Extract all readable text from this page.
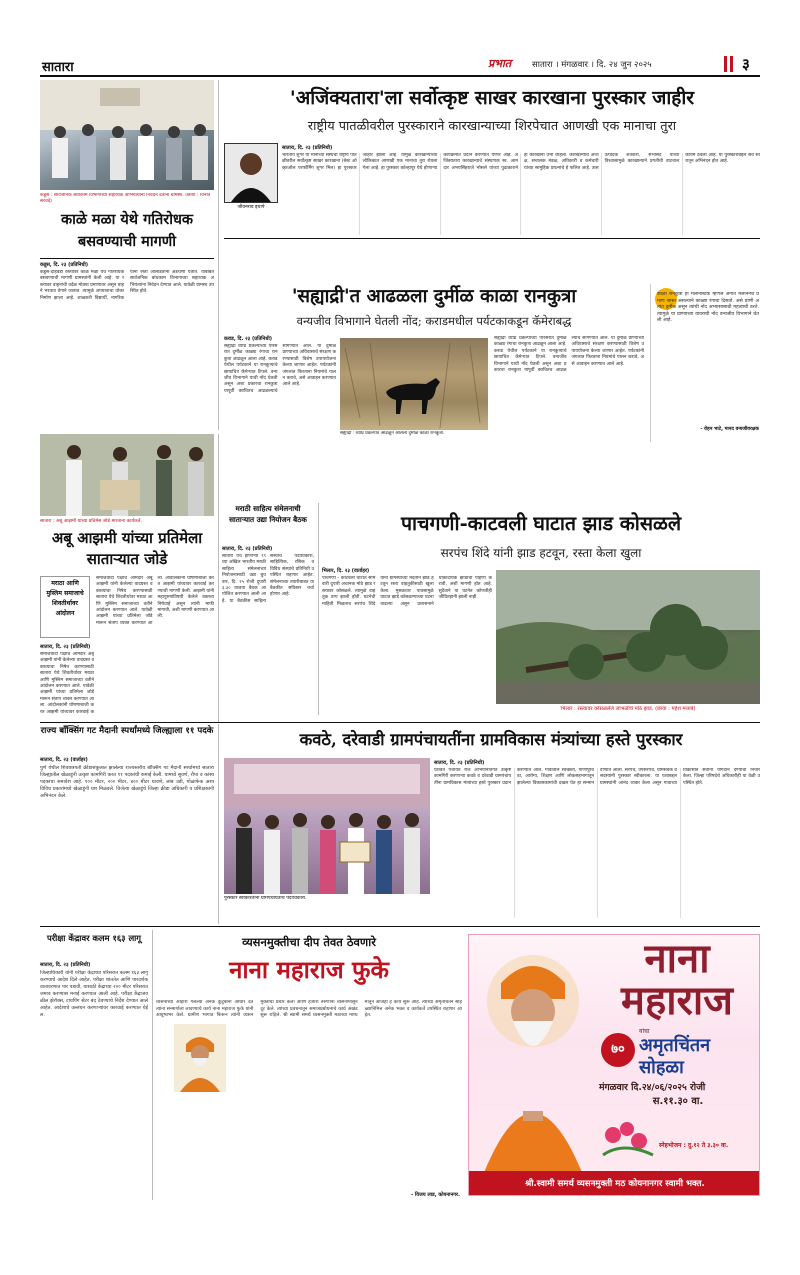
सातारा	प्रभात सातारा । मंगळवार । दि. २४ जुन २०२५	३
कडूस : सार्वजनिक बांधकाम विभागाच्या सहाय्यक अभियंत्यांना निवेदन देताना ग्रामस्थ. (छाया : विनीत सरवदे)
काळे मळा येथे गतिरोधक बसवण्याची मागणी
कडूस, दि. २३ (प्रतिनिधी)
कडूस-दहिवडी रस्त्यावर काळे मळा येथे गतिरोधक बसवण्याची मागणी ग्रामस्थांनी केली आहे. या रस्त्यावर वाहनांची वर्दळ मोठ्या प्रमाणावर असून वाहने भरधाव वेगाने जातात. त्यामुळे अपघाताचा धोका निर्माण झाला आहे. शाळकरी विद्यार्थी, नागरिक यांना रस्ता ओलांडताना अडचणी येतात. याबाबत सार्वजनिक बांधकाम विभागाच्या सहाय्यक अभियंत्यांना निवेदन देण्यात आले. यावेळी ग्रामस्थ उपस्थित होते.
'अजिंक्यतारा'ला सर्वोत्कृष्ट साखर कारखाना पुरस्कार जाहीर
राष्ट्रीय पातळीवरील पुरस्काराने कारखान्याच्या शिरपेचात आणखी एक मानाचा तुरा
जीवनराव इथापे
सातारा, दि. २३ (प्रतिनिधी)
भारतीय शुगर या मानाच्या संस्थेचा राष्ट्रीय पातळीवरील सर्वोत्कृष्ट साखर कारखाना (बेस्ट ओव्हरऑल परफॉर्मिंग शुगर मिल) हा पुरस्कार जाहीर झाला आहे. यामुळे कारखान्याच्या लौकिकात आणखी एक मानाचा तुरा रोवला गेला आहे. हा पुरस्कार कोल्हापूर येथे होणाऱ्या कार्यक्रमात प्रदान करण्यात येणार आहे. अजिंक्यतारा कारखान्याचे संस्थापक स्व. आमदार अभयसिंहराजे भोसले यांच्या पुढाकाराने हा कारखाना उभा राहिला. कारखान्याचे अध्यक्ष, संचालक मंडळ, अधिकारी व कर्मचारी यांच्या सामुहिक प्रयत्नांचे हे फलित आहे. ऊस उत्पादक शेतकरी, सभासद यांच्या विश्वासामुळे कारखान्याने प्रगतीची वाटचाल कायम ठेवली आहे. या पुरस्काराबद्दल सर्व स्तरातून अभिनंदन होत आहे.
'सह्याद्री'त आढळला दुर्मीळ काळा रानकुत्रा
वन्यजीव विभागाने घेतली नोंद; कराडमधील पर्यटकाकडून कॅमेराबद्ध
कराड, दि. २३ (प्रतिनिधी)
सह्याद्री व्याघ्र प्रकल्पाच्या परिसरात दुर्मीळ काळ्या रंगाचा रानकुत्रा आढळून आला आहे. कराड येथील पर्यटकाने या रानकुत्र्याचे छायाचित्र कॅमेऱ्यात टिपले. वन्यजीव विभागाने याची नोंद घेतली असून अशा प्रकारचा रानकुत्रा यापूर्वी क्वचितच आढळल्याचे सांगण्यात आले. या दुर्मीळ प्राण्याच्या अधिवासाचे संरक्षण करण्यासाठी विशेष उपाययोजना केल्या जाणार आहेत. पर्यटकांनी जंगलात फिरताना नियमांचे पालन करावे, असे आवाहन करण्यात आले आहे.
सह्याद्री : व्याघ्र प्रकल्पात आढळून आलेला दुर्मीळ काळा रानकुत्रा.
सह्याद्री व्याघ्र प्रकल्पाच्या परिसरात दुर्मीळ काळ्या रंगाचा रानकुत्रा आढळून आला आहे. कराड येथील पर्यटकाने या रानकुत्र्याचे छायाचित्र कॅमेऱ्यात टिपले. वन्यजीव विभागाने याची नोंद घेतली असून अशा प्रकारचा रानकुत्रा यापूर्वी क्वचितच आढळल्याचे सांगण्यात आले. या दुर्मीळ प्राण्याच्या अधिवासाचे संरक्षण करण्यासाठी विशेष उपाययोजना केल्या जाणार आहेत. पर्यटकांनी जंगलात फिरताना नियमांचे पालन करावे, असे आवाहन करण्यात आले आहे.
काळा रानकुत्रा हा मेलेनिस्टिक म्हणजे अंगात मेलॅनिनचे प्रमाण जास्त असल्याने काळ्या रंगाचा दिसतो. असे प्राणी अत्यंत दुर्मीळ असून त्यांची नोंद अभ्यासासाठी महत्वाची ठरते. त्यामुळे या प्राण्याच्या वावराची नोंद वन्यजीव विभागाने घेतली आहे.
- रोहन भाटे, मानद वन्यजीवरक्षक
सातारा : अबू आझमी यांच्या प्रतिमेस जोडे मारताना कार्यकर्ते.
अबू आझमी यांच्या प्रतिमेला सातार्‍यात जोडे
मराठा आणि मुस्लिम समाजाचे शिवतीर्थावर आंदोलन
सातारा, दि. २३ (प्रतिनिधी)
समाजवादी पक्षाचे आमदार अबू आझमी यांनी केलेल्या वादग्रस्त वक्तव्याचा निषेध करण्यासाठी सातारा येथे शिवतीर्थावर मराठा आणि मुस्लिम समाजाच्या वतीने आंदोलन करण्यात आले. यावेळी आझमी यांच्या प्रतिमेला जोडे मारून संताप व्यक्त करण्यात आला. आंदोलकांनी घोषणाबाजी करत आझमी यांच्यावर कारवाई क
समाजवादी पक्षाचे आमदार अबू आझमी यांनी केलेल्या वादग्रस्त वक्तव्याचा निषेध करण्यासाठी सातारा येथे शिवतीर्थावर मराठा आणि मुस्लिम समाजाच्या वतीने आंदोलन करण्यात आले. यावेळी आझमी यांच्या प्रतिमेला जोडे मारून संताप व्यक्त करण्यात आला. आंदोलकांनी घोषणाबाजी करत आझमी यांच्यावर कारवाई करण्याची मागणी केली. आझमी यांनी महापुरुषांविषयी केलेले वक्तव्य निषेधार्ह असून त्यांनी माफी मागावी, अशी मागणी करण्यात आली.
मराठी साहित्य संमेलनाची सातार्‍यात उद्या नियोजन बैठक
सातारा, दि. २३ (प्रतिनिधी)
सातारा येथे होणाऱ्या ९९ व्या अखिल भारतीय मराठी साहित्य संमेलनाच्या नियोजनासाठी उद्या बुधवार, दि. २५ रोजी दुपारी ३.३० वाजता बैठक आयोजित करण्यात आली आहे. या बैठकीस साहित्य संस्थांचे पदाधिकारी, साहित्यिक, रसिक व विविध संस्थांचे प्रतिनिधी उपस्थित राहणार आहेत. संमेलनाच्या तयारीबाबत या बैठकीत सविस्तर चर्चा होणार आहे.
पाचगणी-काटवली घाटात झाड कोसळले
सरपंच शिंदे यांनी झाड हटवून, रस्ता केला खुला
भिलार, दि. २३ (वार्ताहर)
पाचगणी - काटवली घाटात सोमवारी दुपारी अचानक मोठे झाड रस्त्यावर कोसळले. त्यामुळे वाहतूक ठप्प झाली होती. घटनेची माहिती मिळताच सरपंच शिंदे यांनी ग्रामस्थांच्या मदतीने झाड हटवून रस्ता वाहतुकीसाठी खुला केला. मुसळधार पावसामुळे घाटात झाडे कोसळण्याच्या घटना वाढल्या असून प्रशासनाने धोकादायक झाडांची पाहणी करावी, अशी मागणी होत आहे. सुदैवाने या घटनेत कोणतीही जीवितहानी झाली नाही.
भिलार : रस्त्यावर कोसळलेले जांभळीचे मोठे झाड. (छाया : महेश मत्ताबे)
राज्य बाँक्सिंग गट मैदानी स्पर्धांमध्ये जिल्ह्याला ११ पदके
सातारा, दि. २३ (वार्ताहर)
पुणे येथील शिवछत्रपती क्रीडासंकुलात झालेल्या राज्यस्तरीय बाँक्सिंग गट मैदानी स्पर्धांमध्ये सातारा जिल्ह्यातील खेळाडूंनी उत्कृष्ट कामगिरी करत ११ पदकांची कमाई केली. यामध्ये सुवर्ण, रौप्य व कांस्य पदकांचा समावेश आहे. १०० मीटर, २०० मीटर, ४०० मीटर धावणे, लांब उडी, गोळाफेक अशा विविध प्रकारांमध्ये खेळाडूंनी यश मिळवले. विजेत्या खेळाडूंचे जिल्हा क्रीडा अधिकारी व प्रशिक्षकांनी अभिनंदन केले.
कवठे, दरेवाडी ग्रामपंचायतींना ग्रामविकास मंत्र्यांच्या हस्ते पुरस्कार
पुरस्कार स्वीकारताना ग्रामपंचायतीचे पदाधिकारी.
सातारा, दि. २३ (प्रतिनिधी)
यशवंत पंचायत राज अभियानांतर्गत उत्कृष्ट कामगिरी करणाऱ्या कवठे व दरेवाडी ग्रामपंचायतींना ग्रामविकास मंत्र्यांच्या हस्ते पुरस्कार प्रदान करण्यात आले. गावातील स्वच्छता, पाणीपुरवठा, आरोग्य, शिक्षण आणि लोकसहभागातून झालेल्या विकासकामांची दखल घेत हा सन्मान देण्यात आला. सरपंच, उपसरपंच, ग्रामसेवक व सदस्यांनी पुरस्कार स्वीकारला. या यशाबद्दल ग्रामस्थांनी आनंद व्यक्त केला असून गावाच्या विकासात सर्वांनी योगदान देण्याचा निर्धार केला. जिल्हा परिषदेचे अधिकारीही या वेळी उपस्थित होते.
परीक्षा केंद्रावर कलम १६३ लागू
सातारा, दि. २३ (प्रतिनिधी)
जिल्हाधिकारी यांनी परीक्षा केंद्राच्या परिसरात कलम १६३ लागू करण्याचे आदेश दिले आहेत. परीक्षा शांततेत आणि पारदर्शक वातावरणात पार पडावी, यासाठी केंद्राच्या २०० मीटर परिसरात जमाव करण्यास मनाई करण्यात आली आहे. परीक्षा केंद्राजवळील झेरॉक्स, टायपिंग सेंटर बंद ठेवण्याचे निर्देश देण्यात आले आहेत. आदेशाचे उल्लंघन करणाऱ्यांवर कारवाई करण्यात येईल.
व्यसनमुक्तीचा दीप तेवत ठेवणारे
नाना महाराज फुके
व्यसनाच्या आहारी गेलेल्या अनेक कुटुंबांना आधार देत त्यांना सन्मार्गाला लावण्याचे कार्य नाना महाराज फुके यांनी आयुष्यभर केले. ग्रामीण भागात फिरून त्यांनी व्यसनमुक्तीचा प्रचार केला आणि हजारो तरुणांना व्यसनापासून दूर केले. त्यांच्या प्रवचनातून समाजप्रबोधनाचे कार्य अखंड सुरू राहिले. श्री स्वामी समर्थ व्यसनमुक्ती मठाच्या माध्यमातून आजही हे कार्य सुरू आहे. त्यांच्या अमृतचिंतन सोहळ्यानिमित्त अनेक भक्त व कार्यकर्ते उपस्थित राहणार आहेत.
- विजय लाड, कोयनानगर.
नाना
महाराज
७०
यांचा
अमृतचिंतन सोहळा
मंगळवार दि.२४/०६/२०२५ रोजी
स.११.३० वा.
स्नेहभोजन : दु.१२ ते ३.३० वा.
श्री.स्वामी समर्थ व्यसनमुक्ती मठ कोयनानगर स्वामी भक्त.
